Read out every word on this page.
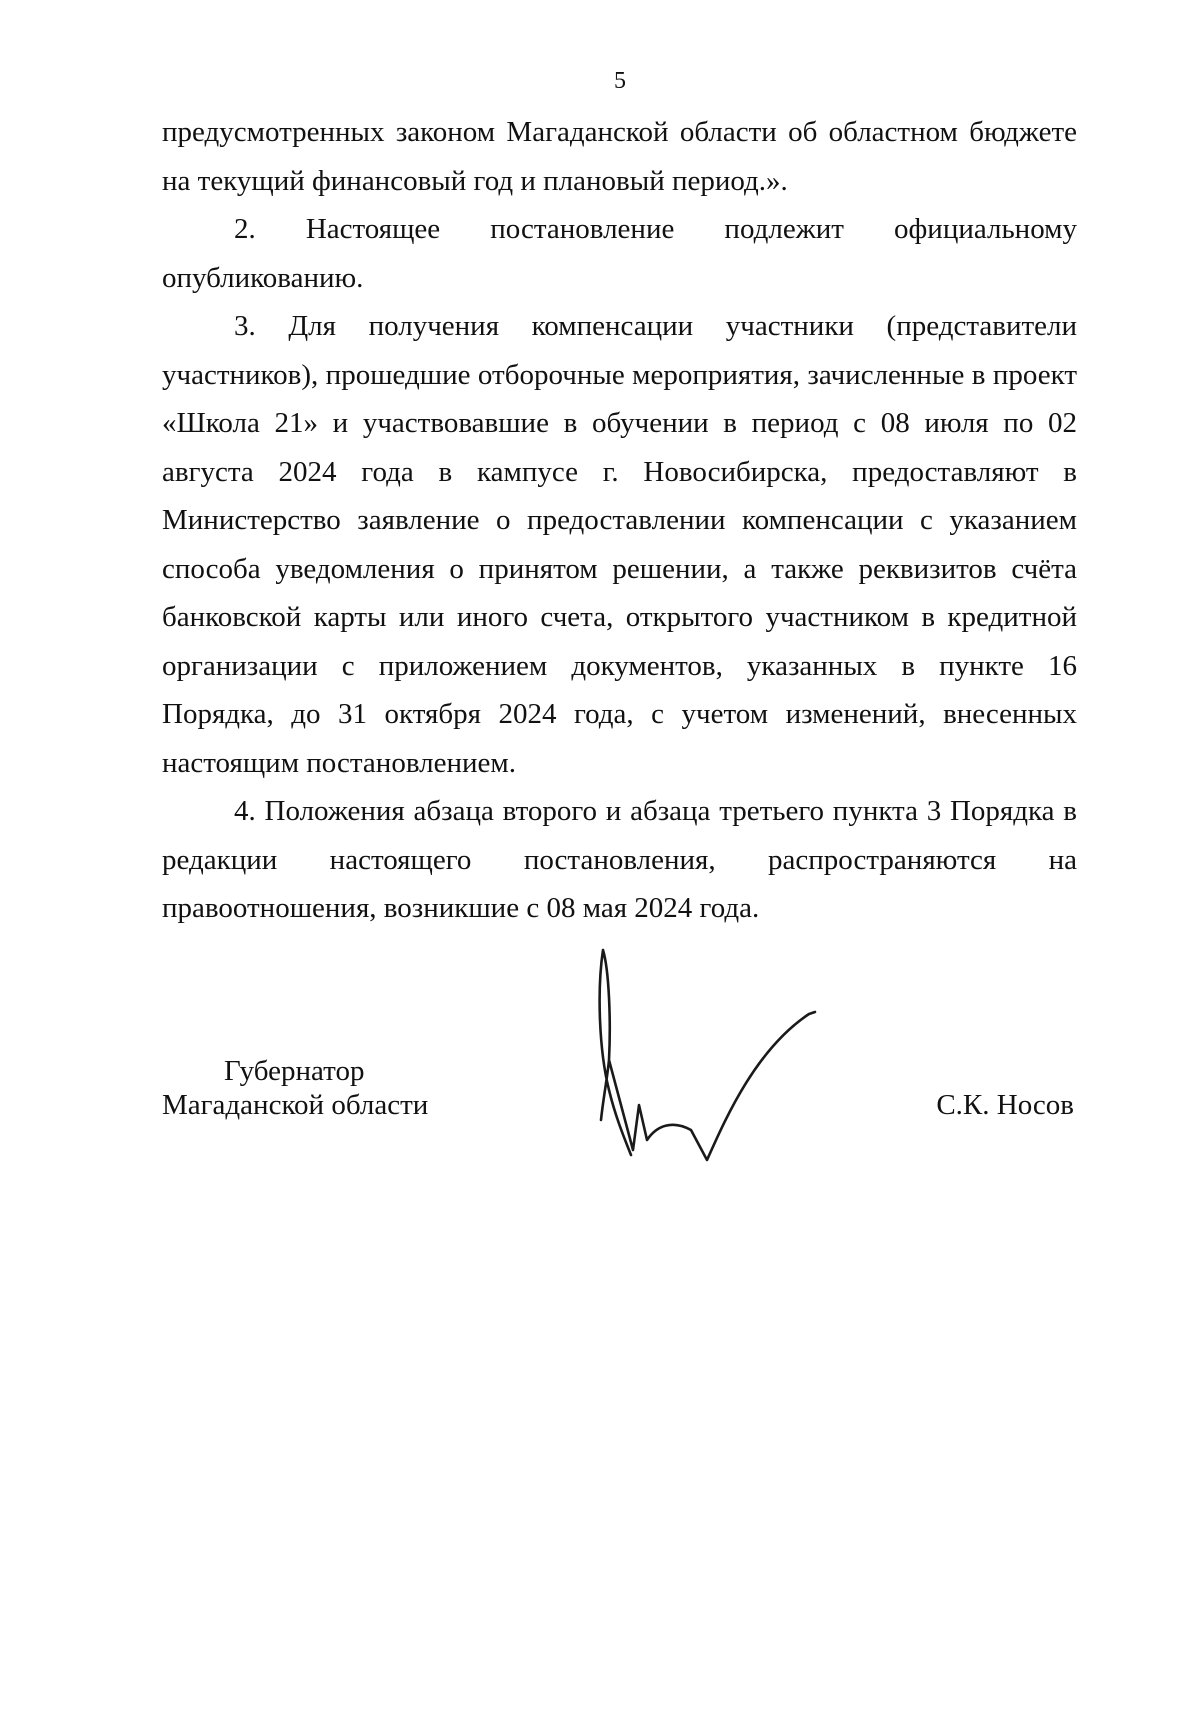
5

предусмотренных законом Магаданской области об областном бюджете на текущий финансовый год и плановый период.».

2. Настоящее постановление подлежит официальному опубликованию.

3. Для получения компенсации участники (представители участников), прошедшие отборочные мероприятия, зачисленные в проект «Школа 21» и участвовавшие в обучении в период с 08 июля по 02 августа 2024 года в кампусе г. Новосибирска, предоставляют в Министерство заявление о предоставлении компенсации с указанием способа уведомления о принятом решении, а также реквизитов счёта банковской карты или иного счета, открытого участником в кредитной организации с приложением документов, указанных в пункте 16 Порядка, до 31 октября 2024 года, с учетом изменений, внесенных настоящим постановлением.

4. Положения абзаца второго и абзаца третьего пункта 3 Порядка в редакции настоящего постановления, распространяются на правоотношения, возникшие с 08 мая 2024 года.

Губернатор
Магаданской области	С.К. Носов
